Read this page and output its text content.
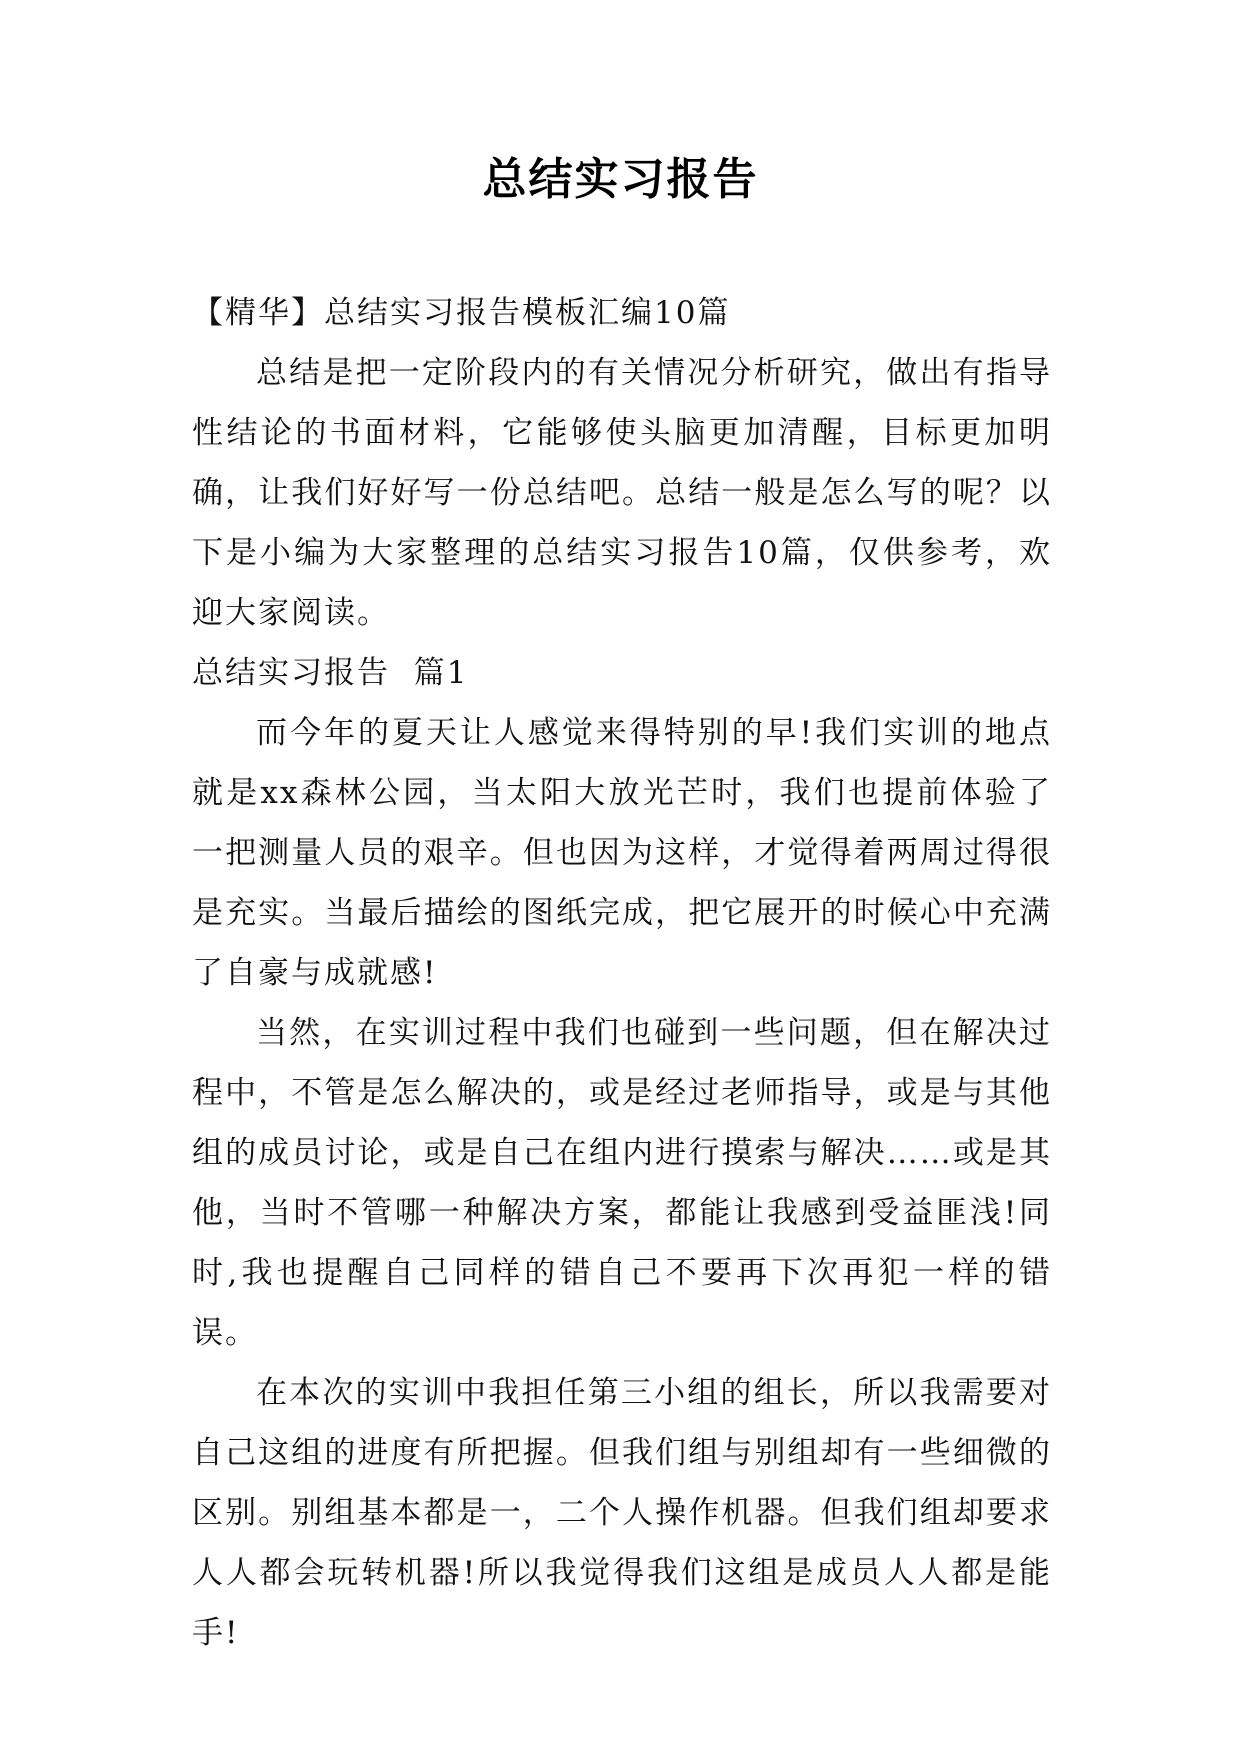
总结实习报告

【精华】总结实习报告模板汇编10篇

总结是把一定阶段内的有关情况分析研究，做出有指导性结论的书面材料，它能够使头脑更加清醒，目标更加明确，让我们好好写一份总结吧。总结一般是怎么写的呢？以下是小编为大家整理的总结实习报告10篇，仅供参考，欢迎大家阅读。

总结实习报告  篇1

而今年的夏天让人感觉来得特别的早!我们实训的地点就是xx森林公园，当太阳大放光芒时，我们也提前体验了一把测量人员的艰辛。但也因为这样，才觉得着两周过得很是充实。当最后描绘的图纸完成，把它展开的时候心中充满了自豪与成就感!

当然，在实训过程中我们也碰到一些问题，但在解决过程中，不管是怎么解决的，或是经过老师指导，或是与其他组的成员讨论，或是自己在组内进行摸索与解决……或是其他，当时不管哪一种解决方案，都能让我感到受益匪浅!同时,我也提醒自己同样的错自己不要再下次再犯一样的错误。

在本次的实训中我担任第三小组的组长，所以我需要对自己这组的进度有所把握。但我们组与别组却有一些细微的区别。别组基本都是一，二个人操作机器。但我们组却要求人人都会玩转机器!所以我觉得我们这组是成员人人都是能手!
